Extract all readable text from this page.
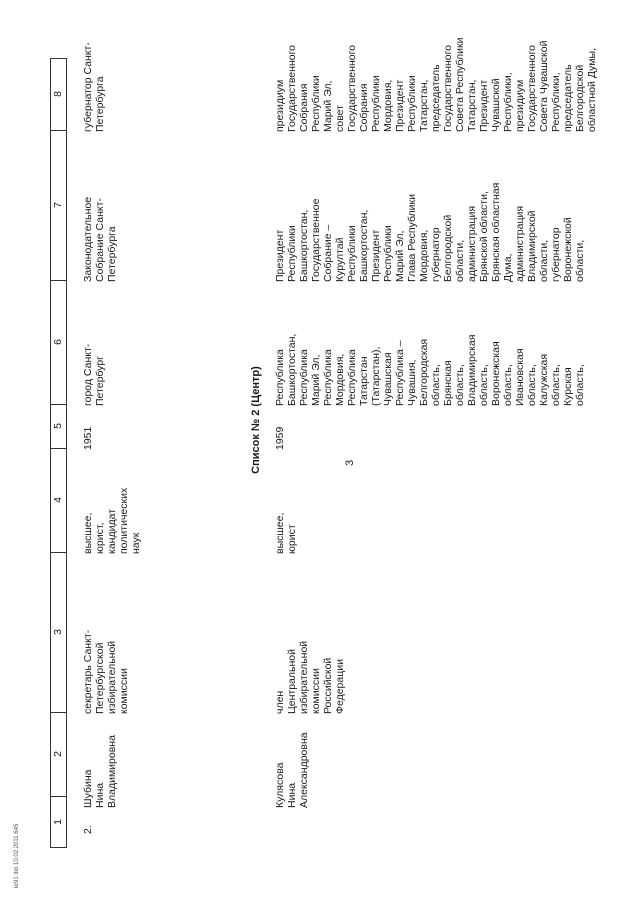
3
1
2
3
4
5
6
7
8
2.
Шубина
Нина
Владимировна
секретарь Санкт-
Петербургской
избирательной
комиссии
высшее,
юрист,
кандидат
политических
наук
1951
город Санкт-
Петербург
Законодательное
Собрание Санкт-
Петербурга
губернатор Санкт-
Петербурга
Список № 2 (Центр)
Кулясова
Нина
Александровна
член
Центральной
избирательной
комиссии
Российской
Федерации
высшее,
юрист
1959
Республика
Башкортостан,
Республика
Марий Эл,
Республика
Мордовия,
Республика
Татарстан
(Татарстан),
Чувашская
Республика –
Чувашия,
Белгородская
область,
Брянская
область,
Владимирская
область,
Воронежская
область,
Ивановская
область,
Калужская
область,
Курская
область,
Президент
Республики
Башкортостан,
Государственное
Собрание –
Курултай
Республики
Башкортостан,
Президент
Республики
Марий Эл,
Глава Республики
Мордовия,
губернатор
Белгородской
области,
администрация
Брянской области,
Брянская областная
Дума,
администрация
Владимирской
области,
губернатор
Воронежской
области,
президиум
Государственного
Собрания
Республики
Марий Эл,
совет
Государственного
Собрания
Республики
Мордовия,
Президент
Республики
Татарстан,
председатель
Государственного
Совета Республики
Татарстан,
Президент
Чувашской
Республики,
президиум
Государственного
Совета Чувашской
Республики,
председатель
Белгородской
областной Думы,
kr91 ibo 10.02.2011 645
